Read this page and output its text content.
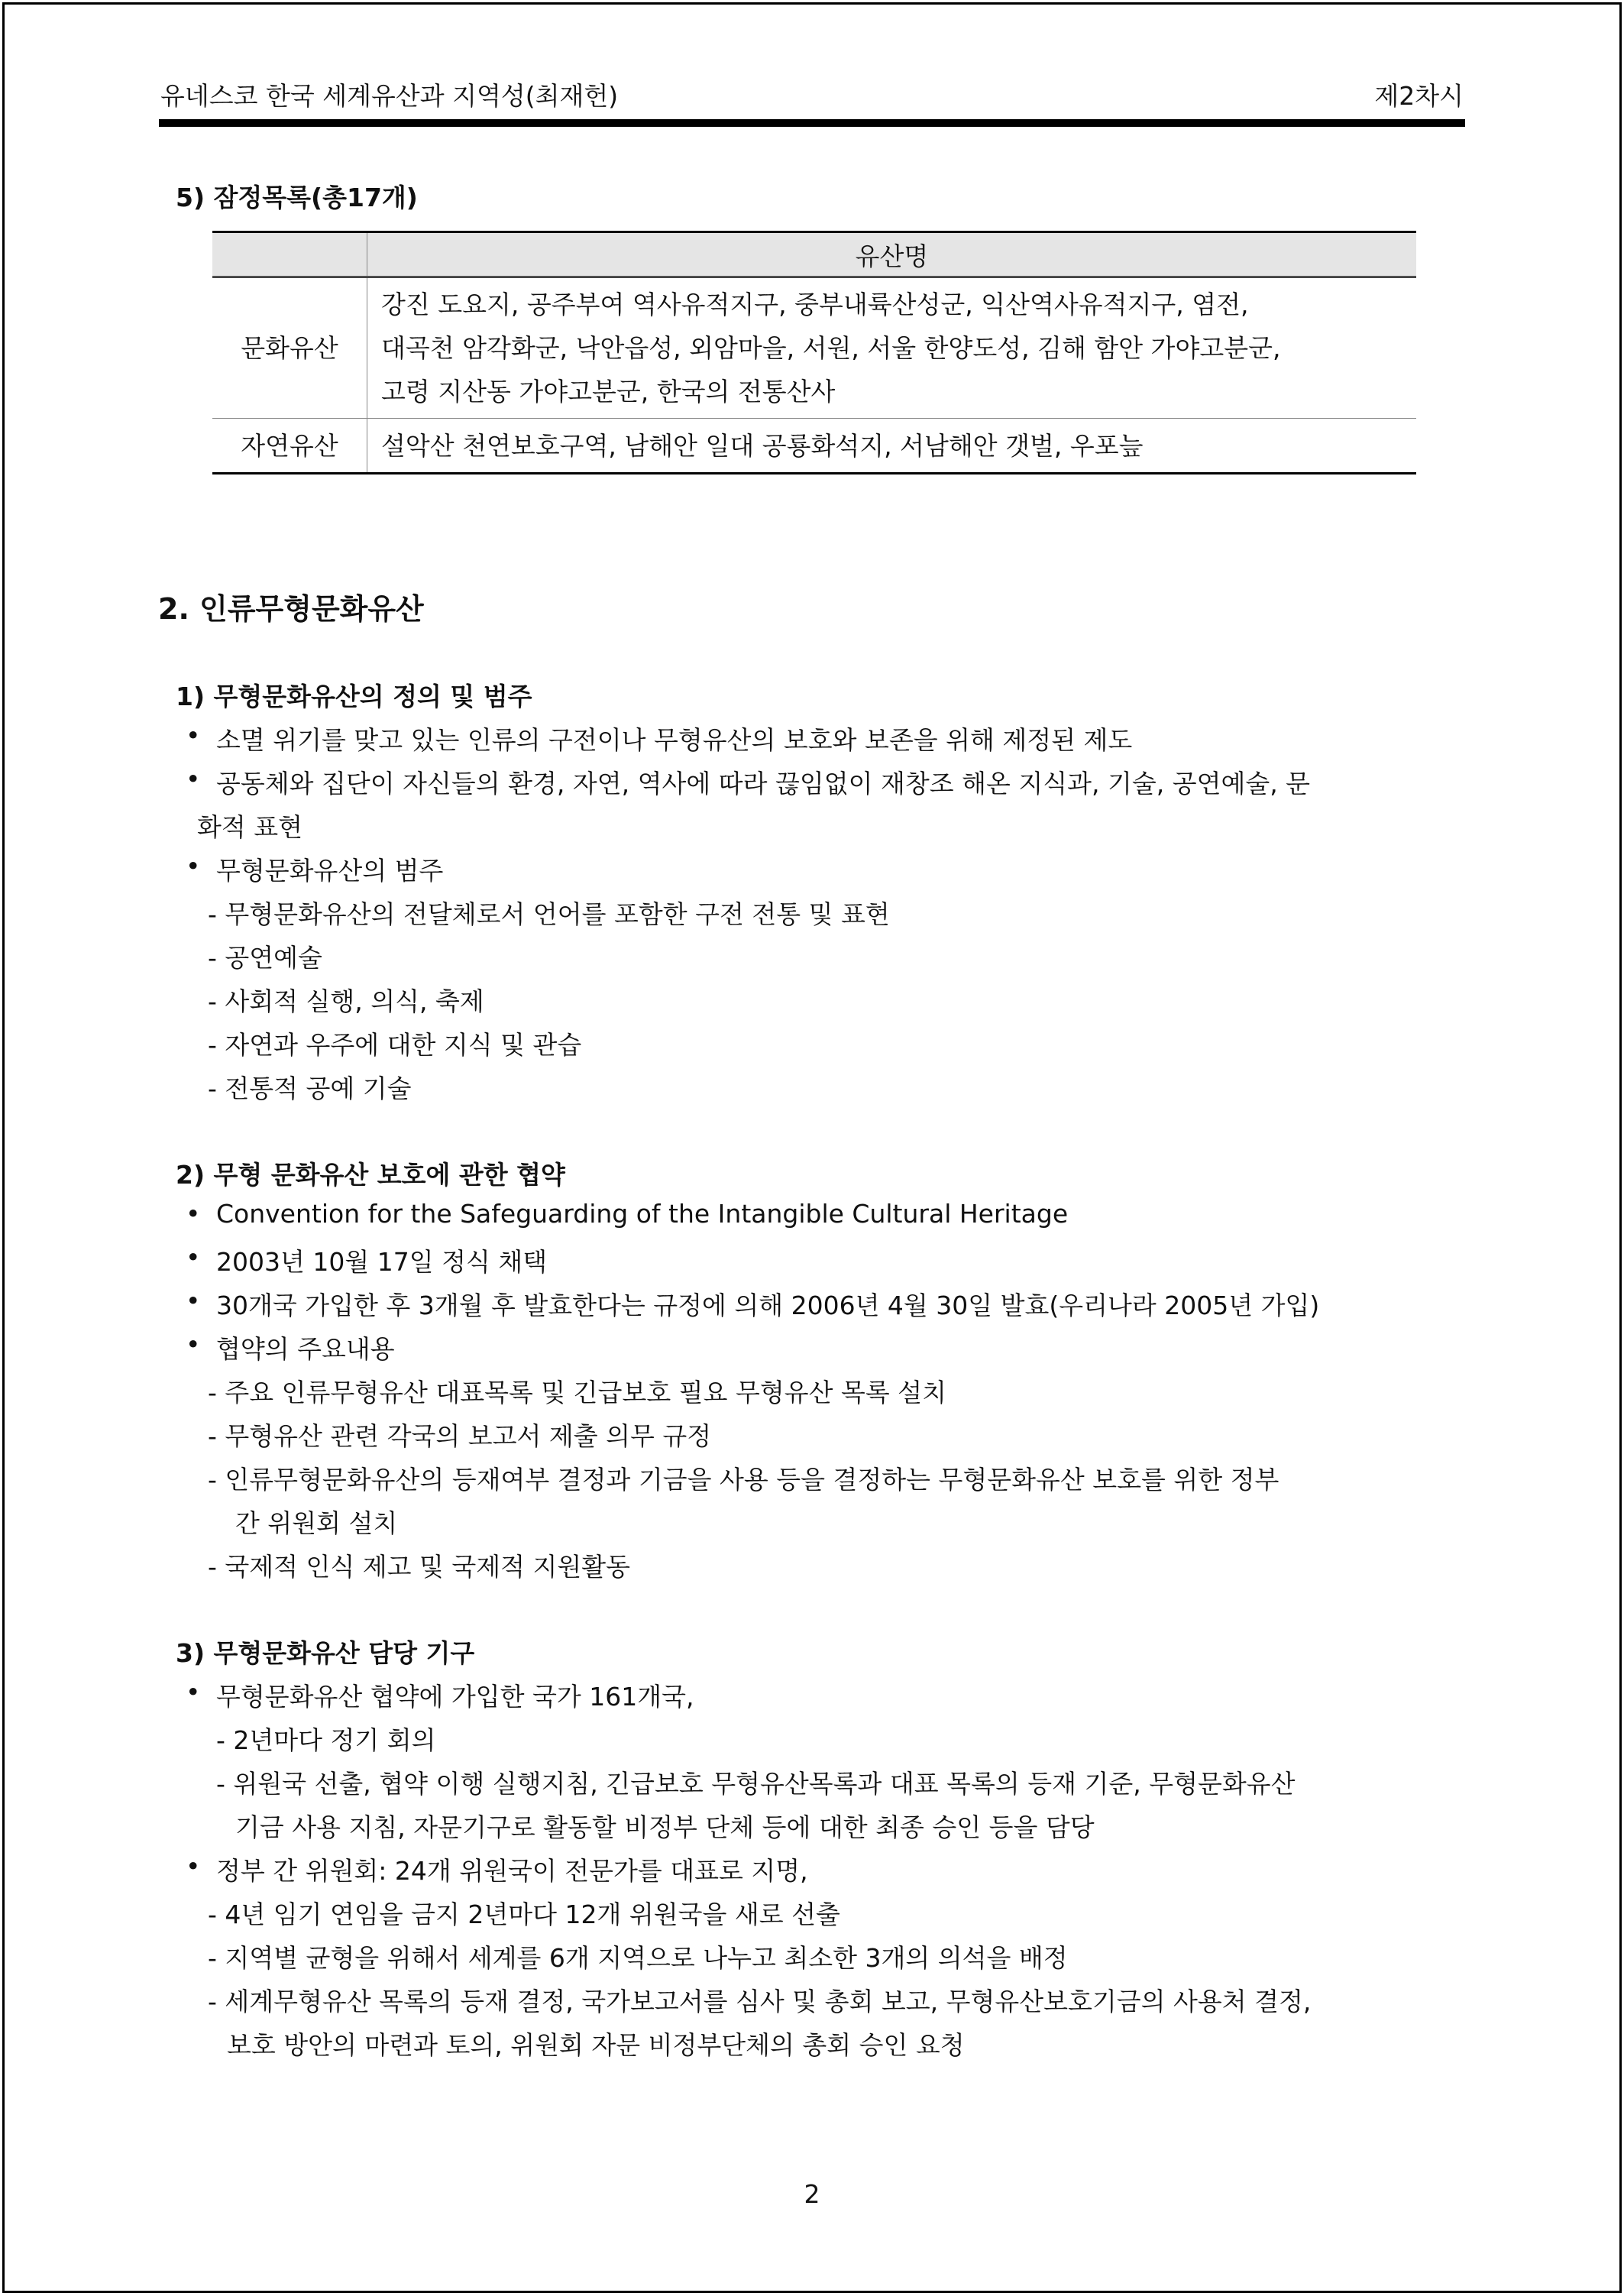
유네스코 한국 세계유산과 지역성(최재헌)	제2차시
5) 잠정목록(총17개)
	유산명
문화유산	강진 도요지, 공주부여 역사유적지구, 중부내륙산성군, 익산역사유적지구, 염전,
대곡천 암각화군, 낙안읍성, 외암마을, 서원, 서울 한양도성, 김해 함안 가야고분군,
고령 지산동 가야고분군, 한국의 전통산사

자연유산	설악산 천연보호구역, 남해안 일대 공룡화석지, 서남해안 갯벌, 우포늪
2. 인류무형문화유산
1) 무형문화유산의 정의 및 범주
• 소멸 위기를 맞고 있는 인류의 구전이나 무형유산의 보호와 보존을 위해 제정된 제도
• 공동체와 집단이 자신들의 환경, 자연, 역사에 따라 끊임없이 재창조 해온 지식과, 기술, 공연예술, 문
화적 표현
• 무형문화유산의 범주
- 무형문화유산의 전달체로서 언어를 포함한 구전 전통 및 표현
- 공연예술
- 사회적 실행, 의식, 축제
- 자연과 우주에 대한 지식 및 관습
- 전통적 공예 기술
2) 무형 문화유산 보호에 관한 협약
• Convention for the Safeguarding of the Intangible Cultural Heritage
• 2003년 10월 17일 정식 채택
• 30개국 가입한 후 3개월 후 발효한다는 규정에 의해 2006년 4월 30일 발효(우리나라 2005년 가입)
• 협약의 주요내용
- 주요 인류무형유산 대표목록 및 긴급보호 필요 무형유산 목록 설치
- 무형유산 관련 각국의 보고서 제출 의무 규정
- 인류무형문화유산의 등재여부 결정과 기금을 사용 등을 결정하는 무형문화유산 보호를 위한 정부
간 위원회 설치
- 국제적 인식 제고 및 국제적 지원활동
3) 무형문화유산 담당 기구
• 무형문화유산 협약에 가입한 국가 161개국,
- 2년마다 정기 회의
- 위원국 선출, 협약 이행 실행지침, 긴급보호 무형유산목록과 대표 목록의 등재 기준, 무형문화유산
기금 사용 지침, 자문기구로 활동할 비정부 단체 등에 대한 최종 승인 등을 담당
• 정부 간 위원회: 24개 위원국이 전문가를 대표로 지명,
- 4년 임기 연임을 금지 2년마다 12개 위원국을 새로 선출
- 지역별 균형을 위해서 세계를 6개 지역으로 나누고 최소한 3개의 의석을 배정
- 세계무형유산 목록의 등재 결정, 국가보고서를 심사 및 총회 보고, 무형유산보호기금의 사용처 결정,
보호 방안의 마련과 토의, 위원회 자문 비정부단체의 총회 승인 요청
2
